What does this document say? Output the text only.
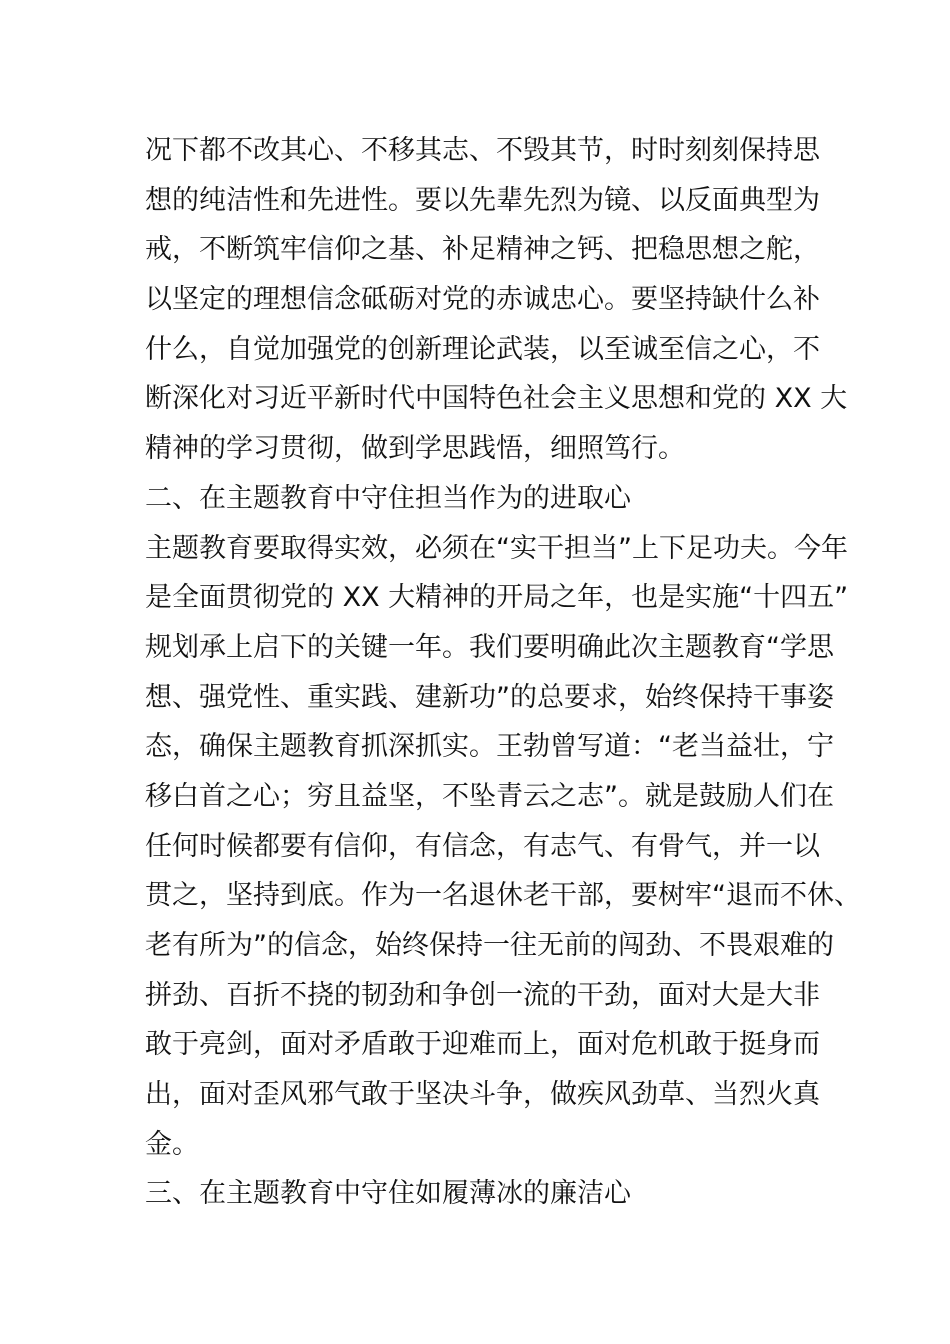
况下都不改其心、不移其志、不毁其节，时时刻刻保持思
想的纯洁性和先进性。要以先辈先烈为镜、以反面典型为
戒，不断筑牢信仰之基、补足精神之钙、把稳思想之舵，
以坚定的理想信念砥砺对党的赤诚忠心。要坚持缺什么补
什么，自觉加强党的创新理论武装，以至诚至信之心，不
断深化对习近平新时代中国特色社会主义思想和党的 XX 大
精神的学习贯彻，做到学思践悟，细照笃行。
二、在主题教育中守住担当作为的进取心
主题教育要取得实效，必须在“实干担当”上下足功夫。今年
是全面贯彻党的 XX 大精神的开局之年，也是实施“十四五”
规划承上启下的关键一年。我们要明确此次主题教育“学思
想、强党性、重实践、建新功”的总要求，始终保持干事姿
态，确保主题教育抓深抓实。王勃曾写道：“老当益壮，宁
移白首之心；穷且益坚，不坠青云之志”。就是鼓励人们在
任何时候都要有信仰，有信念，有志气、有骨气，并一以
贯之，坚持到底。作为一名退休老干部，要树牢“退而不休、
老有所为”的信念，始终保持一往无前的闯劲、不畏艰难的
拼劲、百折不挠的韧劲和争创一流的干劲，面对大是大非
敢于亮剑，面对矛盾敢于迎难而上，面对危机敢于挺身而
出，面对歪风邪气敢于坚决斗争，做疾风劲草、当烈火真
金。
三、在主题教育中守住如履薄冰的廉洁心
